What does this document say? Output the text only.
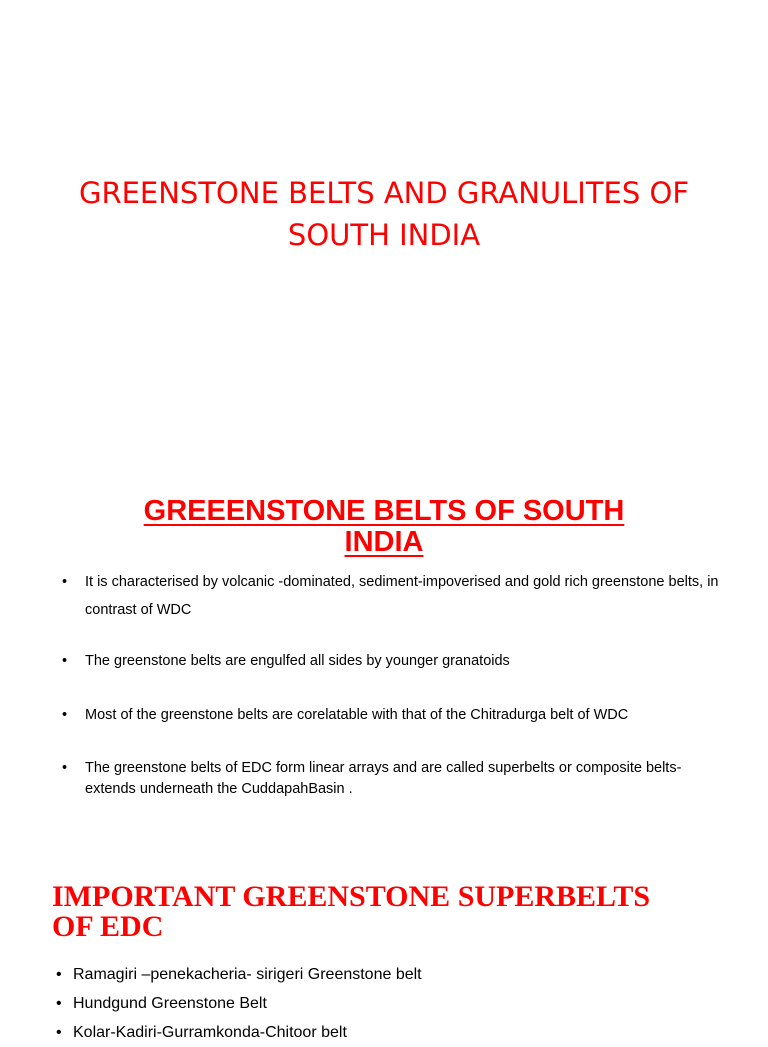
GREENSTONE BELTS AND GRANULITES OF
SOUTH INDIA
GREEENSTONE BELTS OF SOUTH
INDIA
• It is characterised by volcanic -dominated, sediment-impoverised and gold rich greenstone belts, in contrast of WDC
• The greenstone belts are engulfed all sides by younger granatoids
• Most of the greenstone belts are corelatable with that of the Chitradurga belt of WDC
• The greenstone belts of EDC form linear arrays and are called superbelts or composite belts-extends underneath the CuddapahBasin .
IMPORTANT GREENSTONE SUPERBELTS
OF EDC
• Ramagiri –penekacheria- sirigeri Greenstone belt
• Hundgund Greenstone Belt
• Kolar-Kadiri-Gurramkonda-Chitoor belt
